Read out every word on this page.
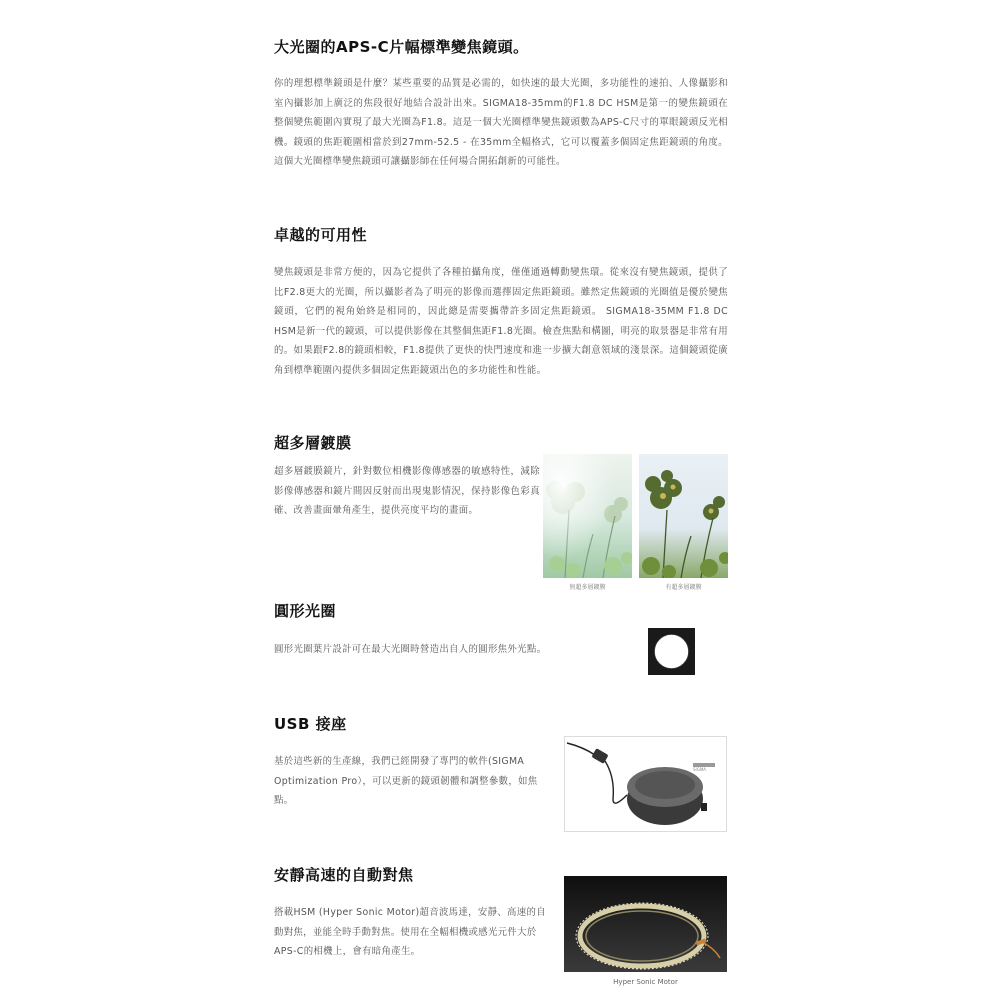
大光圈的APS-C片幅標準變焦鏡頭。

你的理想標準鏡頭是什麼？某些重要的品質是必需的，如快速的最大光圈，多功能性的速拍、人像攝影和室內攝影加上廣泛的焦段很好地結合設計出來。SIGMA18-35mm的F1.8 DC HSM是第一的變焦鏡頭在整個變焦範圍內實現了最大光圈為F1.8。這是一個大光圈標準變焦鏡頭數為APS-C尺寸的單眼鏡頭反光相機。鏡頭的焦距範圍相當於到27mm-52.5 - 在35mm全幅格式，它可以覆蓋多個固定焦距鏡頭的角度。這個大光圈標準變焦鏡頭可讓攝影師在任何場合開拓創新的可能性。

卓越的可用性

變焦鏡頭是非常方便的，因為它提供了各種拍攝角度，僅僅通過轉動變焦環。從來沒有變焦鏡頭，提供了比F2.8更大的光圈，所以攝影者為了明亮的影像而選擇固定焦距鏡頭。雖然定焦鏡頭的光圈值是優於變焦鏡頭，它們的視角始終是相同的，因此總是需要攜帶許多固定焦距鏡頭。 SIGMA18-35MM F1.8 DC HSM是新一代的鏡頭，可以提供影像在其整個焦距F1.8光圈。檢查焦點和構圖，明亮的取景器是非常有用的。如果跟F2.8的鏡頭相較，F1.8提供了更快的快門速度和進一步擴大創意領域的淺景深。這個鏡頭從廣角到標準範圍內提供多個固定焦距鏡頭出色的多功能性和性能。

超多層鍍膜

超多層鍍膜鏡片，針對數位相機影像傳感器的敏感特性，減除影像傳感器和鏡片間因反射而出現鬼影情況，保持影像色彩真確、改善畫面暈角產生，提供亮度平均的畫面。

無超多層鍍膜	有超多層鍍膜
圓形光圈

圓形光圈葉片設計可在最大光圈時營造出自人的圓形焦外光點。

USB 接座

基於這些新的生產線，我們已經開發了專門的軟件(SIGMA Optimization Pro），可以更新的鏡頭韌體和調整參數，如焦點。

SIGMA
安靜高速的自動對焦

搭載HSM (Hyper Sonic Motor)超音波馬達，安靜、高速的自動對焦，並能全時手動對焦。使用在全幅相機或感光元件大於APS-C的相機上，會有暗角產生。

Hyper Sonic Motor
